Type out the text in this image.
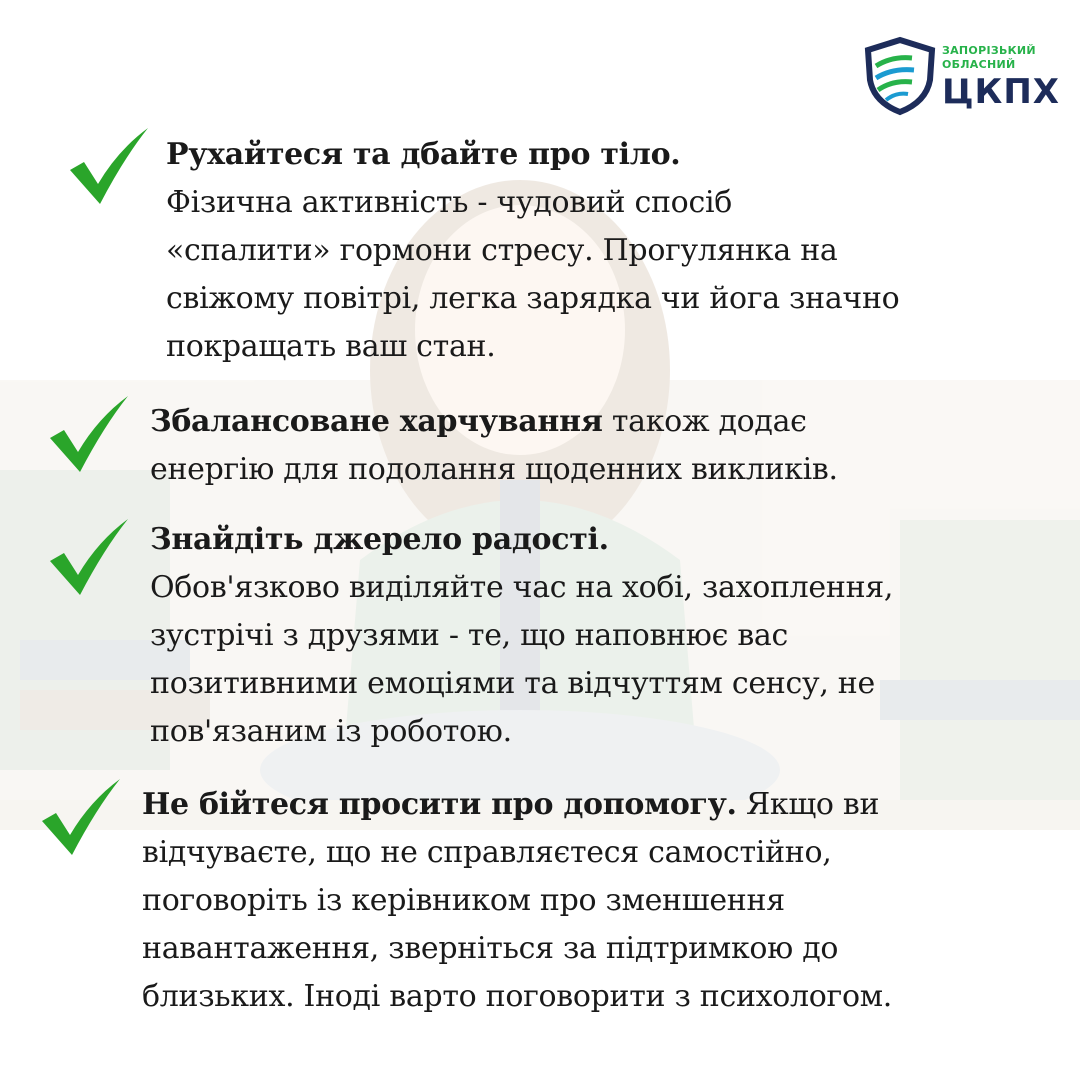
ЗАПОРІЗЬКИЙ
ОБЛАСНИЙ
ЦКПХ
Рухайтеся та дбайте про тіло.
Фізична активність - чудовий спосіб
«спалити» гормони стресу. Прогулянка на
свіжому повітрі, легка зарядка чи йога значно
покращать ваш стан.
Збалансоване харчування також додає
енергію для подолання щоденних викликів.
Знайдіть джерело радості.
Обов'язково виділяйте час на хобі, захоплення,
зустрічі з друзями - те, що наповнює вас
позитивними емоціями та відчуттям сенсу, не
пов'язаним із роботою.
Не бійтеся просити про допомогу. Якщо ви
відчуваєте, що не справляєтеся самостійно,
поговоріть із керівником про зменшення
навантаження, зверніться за підтримкою до
близьких. Іноді варто поговорити з психологом.
